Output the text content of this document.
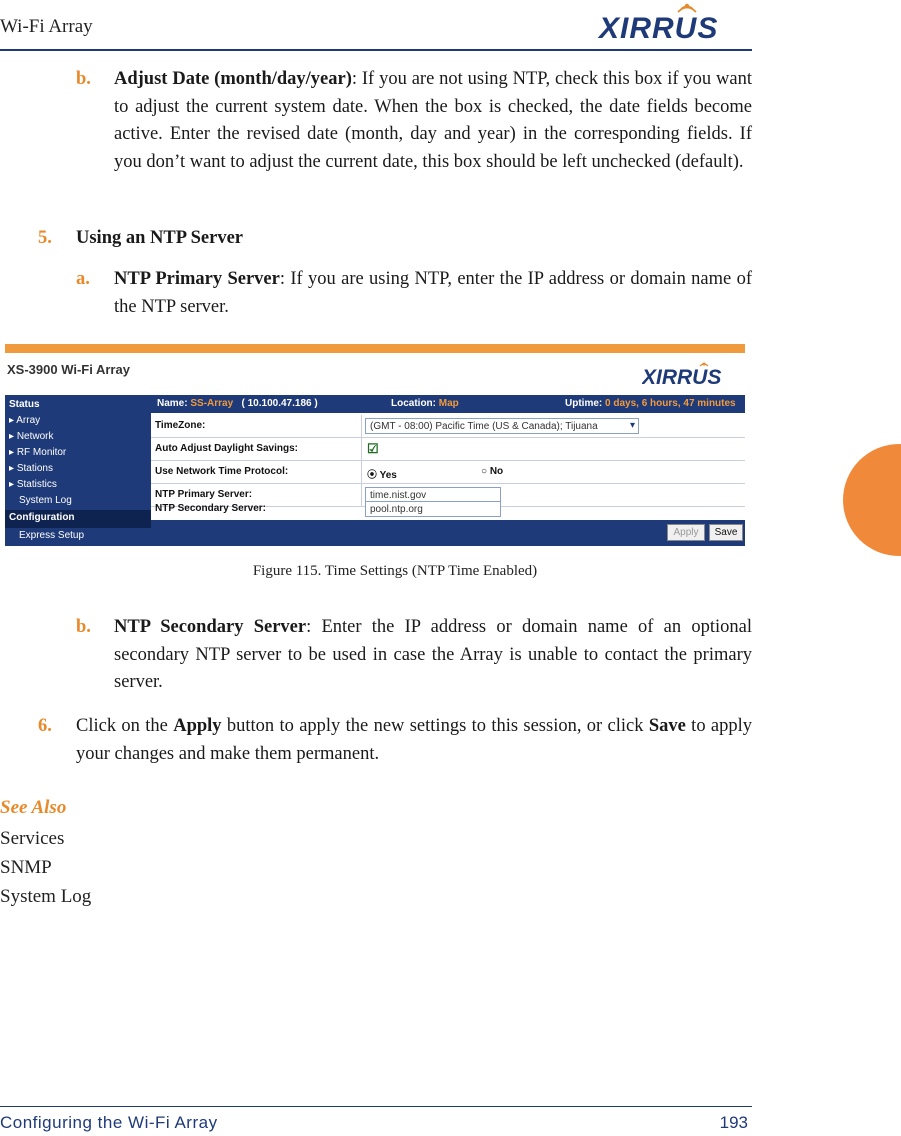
Wi-Fi Array	XIRRUS
b. Adjust Date (month/day/year): If you are not using NTP, check this box if you want to adjust the current system date. When the box is checked, the date fields become active. Enter the revised date (month, day and year) in the corresponding fields. If you don’t want to adjust the current date, this box should be left unchecked (default).
5. Using an NTP Server
a. NTP Primary Server: If you are using NTP, enter the IP address or domain name of the NTP server.
XS-3900 Wi-Fi Array	XIRRUS
Status
▸ Array
▸ Network
▸ RF Monitor
▸ Stations
▸ Statistics
System Log
Configuration
Express Setup
Name: SS-Array ( 10.100.47.186 )	Location: Map	Uptime: 0 days, 6 hours, 47 minutes
TimeZone:	(GMT - 08:00) Pacific Time (US & Canada); Tijuana	▾
Auto Adjust Daylight Savings:	☑
Use Network Time Protocol:	⦿ Yes	○ No
NTP Primary Server:	time.nist.gov
NTP Secondary Server:	pool.ntp.org
Apply	Save
Figure 115. Time Settings (NTP Time Enabled)
b. NTP Secondary Server: Enter the IP address or domain name of an optional secondary NTP server to be used in case the Array is unable to contact the primary server.
6. Click on the Apply button to apply the new settings to this session, or click Save to apply your changes and make them permanent.
See Also
Services
SNMP
System Log
Configuring the Wi-Fi Array	193
